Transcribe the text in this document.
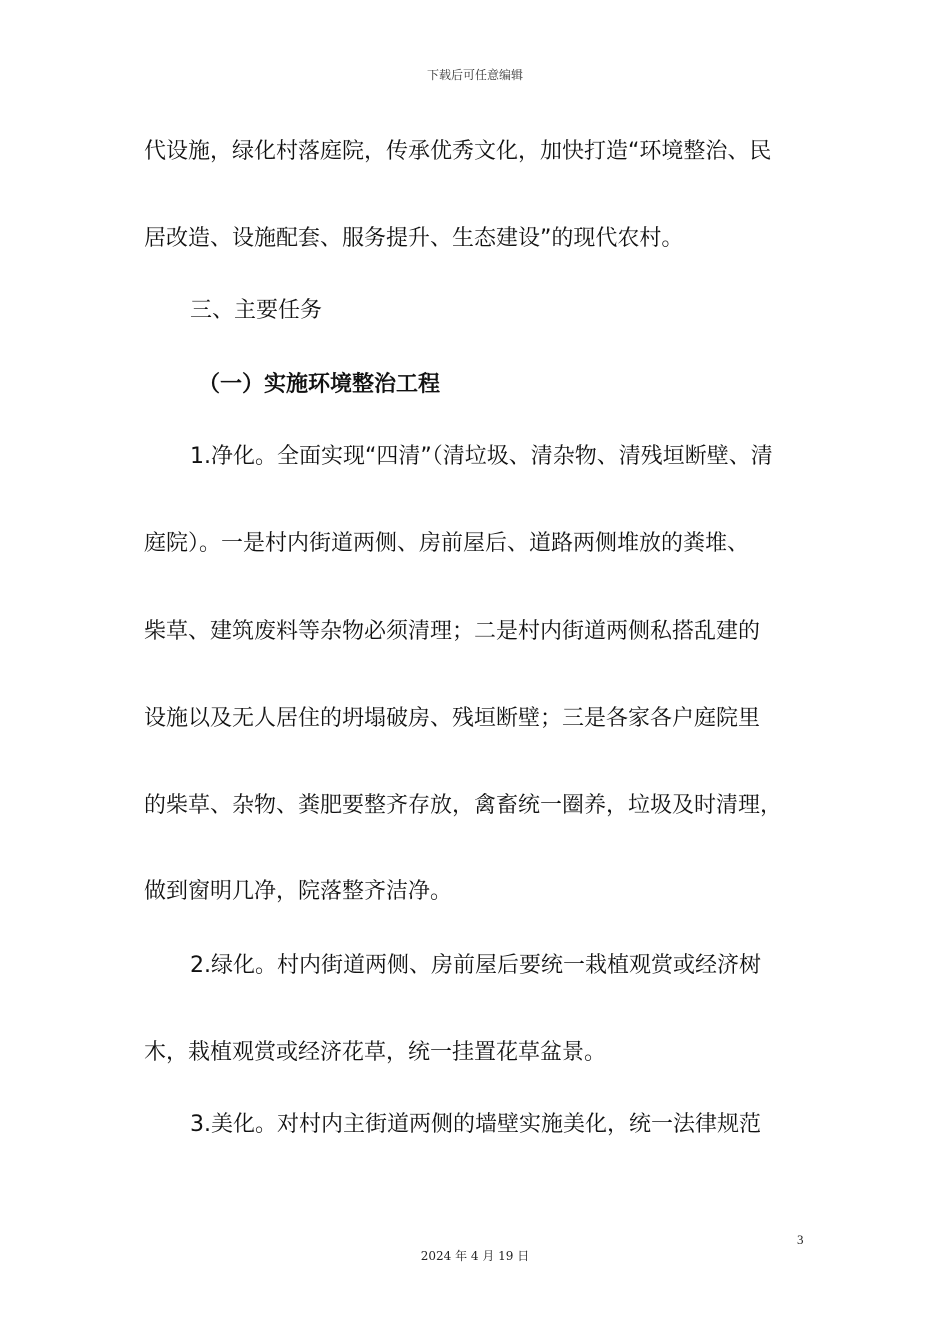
下载后可任意编辑
代设施，绿化村落庭院，传承优秀文化，加快打造“环境整治、民
居改造、设施配套、服务提升、生态建设”的现代农村。
三、主要任务
（一）实施环境整治工程
1.净化。全面实现“四清”（清垃圾、清杂物、清残垣断壁、清
庭院）。一是村内街道两侧、房前屋后、道路两侧堆放的粪堆、
柴草、建筑废料等杂物必须清理；二是村内街道两侧私搭乱建的
设施以及无人居住的坍塌破房、残垣断壁；三是各家各户庭院里
的柴草、杂物、粪肥要整齐存放，禽畜统一圈养，垃圾及时清理，
做到窗明几净，院落整齐洁净。
2.绿化。村内街道两侧、房前屋后要统一栽植观赏或经济树
木，栽植观赏或经济花草，统一挂置花草盆景。
3.美化。对村内主街道两侧的墙壁实施美化，统一法律规范
3
2024 年 4 月 19 日
